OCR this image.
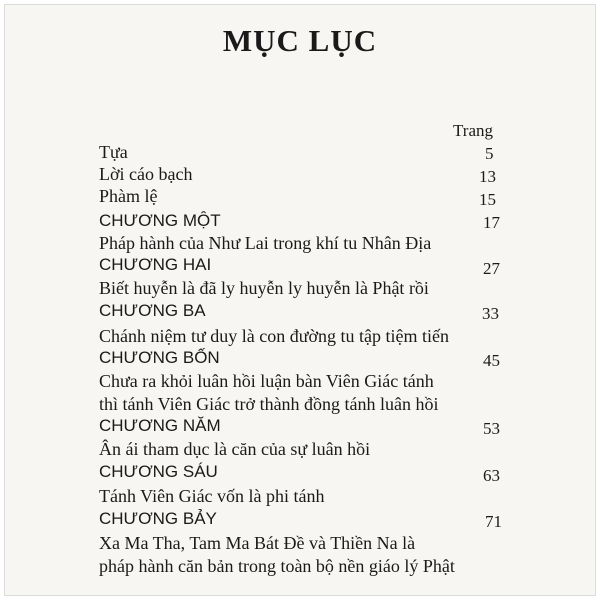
MỤC LỤC
Trang
Tựa	5
Lời cáo bạch	13
Phàm lệ	15
CHƯƠNG MỘT	17
Pháp hành của Như Lai trong khí tu Nhân Địa
CHƯƠNG HAI	27
Biết huyễn là đã ly huyễn ly huyễn là Phật rồi
CHƯƠNG BA	33
Chánh niệm tư duy là con đường tu tập tiệm tiến
CHƯƠNG BỐN	45
Chưa ra khỏi luân hồi luận bàn Viên Giác tánh
thì tánh Viên Giác trở thành đồng tánh luân hồi
CHƯƠNG NĂM	53
Ân ái tham dục là căn của sự luân hồi
CHƯƠNG SÁU	63
Tánh Viên Giác vốn là phi tánh
CHƯƠNG BẢY	71
Xa Ma Tha, Tam Ma Bát Đề và Thiền Na là
pháp hành căn bản trong toàn bộ nền giáo lý Phật
